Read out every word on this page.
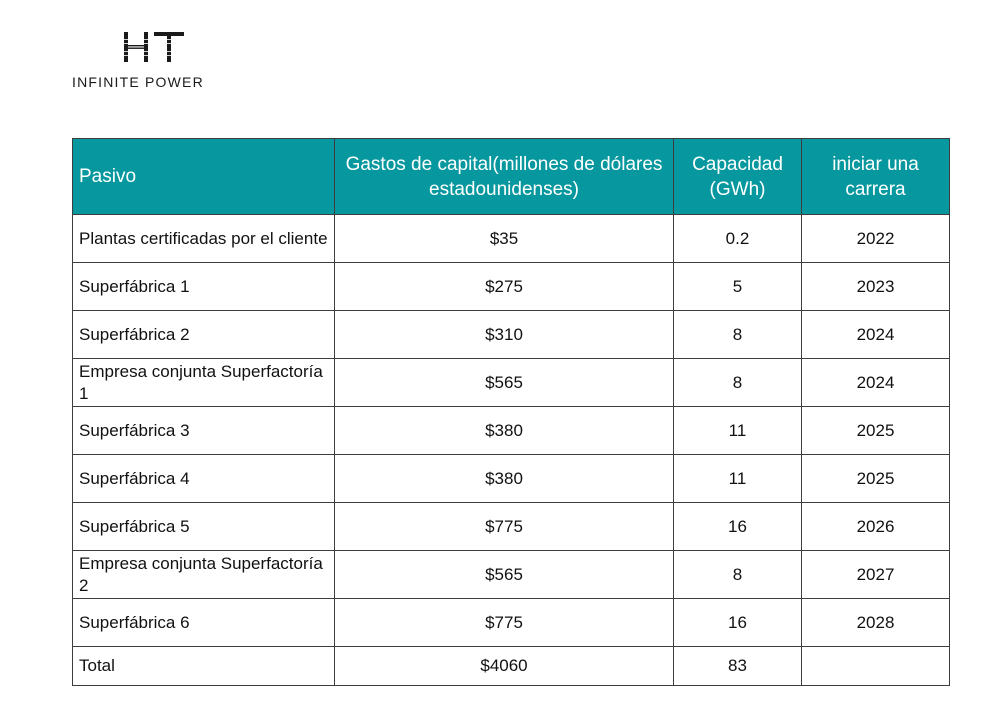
INFINITE POWER
Pasivo	Gastos de capital(millones de dólares estadounidenses)	Capacidad (GWh)	iniciar una carrera
Plantas certificadas por el cliente	$35	0.2	2022
Superfábrica 1	$275	5	2023
Superfábrica 2	$310	8	2024
Empresa conjunta Superfactoría 1	$565	8	2024
Superfábrica 3	$380	11	2025
Superfábrica 4	$380	11	2025
Superfábrica 5	$775	16	2026
Empresa conjunta Superfactoría 2	$565	8	2027
Superfábrica 6	$775	16	2028
Total	$4060	83	
